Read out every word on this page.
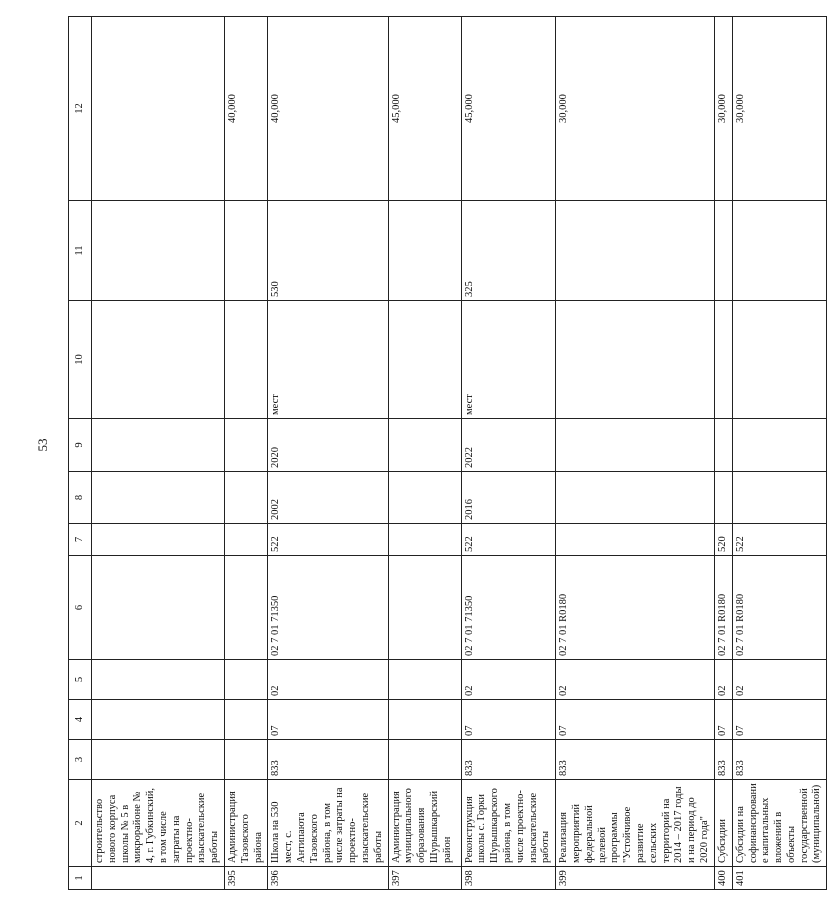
53
1	2	3	4	5	6	7	8	9	10	11	12
	строительство нового корпуса школы № 5 в микрорайоне № 4, г. Губкинский, в том числе затраты на проектно-изыскательские работы										
395	Администрация Тазовского района										40,000
396	Школа на 530 мест, с. Антипаюта Тазовского района, в том числе затраты на проектно-изыскательские работы	833	07	02	02 7 01 71350	522	2002	2020	мест	530	40,000
397	Администрация муниципального образования Шурышкарский район										45,000
398	Реконструкция школы с. Горки Шурышкарского района, в том числе проектно-изыскательские работы	833	07	02	02 7 01 71350	522	2016	2022	мест	325	45,000
399	Реализация мероприятий федеральной целевой программы "Устойчивое развитие сельских территорий на 2014 – 2017 годы и на период до 2020 года"	833	07	02	02 7 01 R0180						30,000
400	Субсидии	833	07	02	02 7 01 R0180	520					30,000
401	Субсидии на софинансирование капитальных вложений в объекты государственной (муниципальной)	833	07	02	02 7 01 R0180	522					30,000
